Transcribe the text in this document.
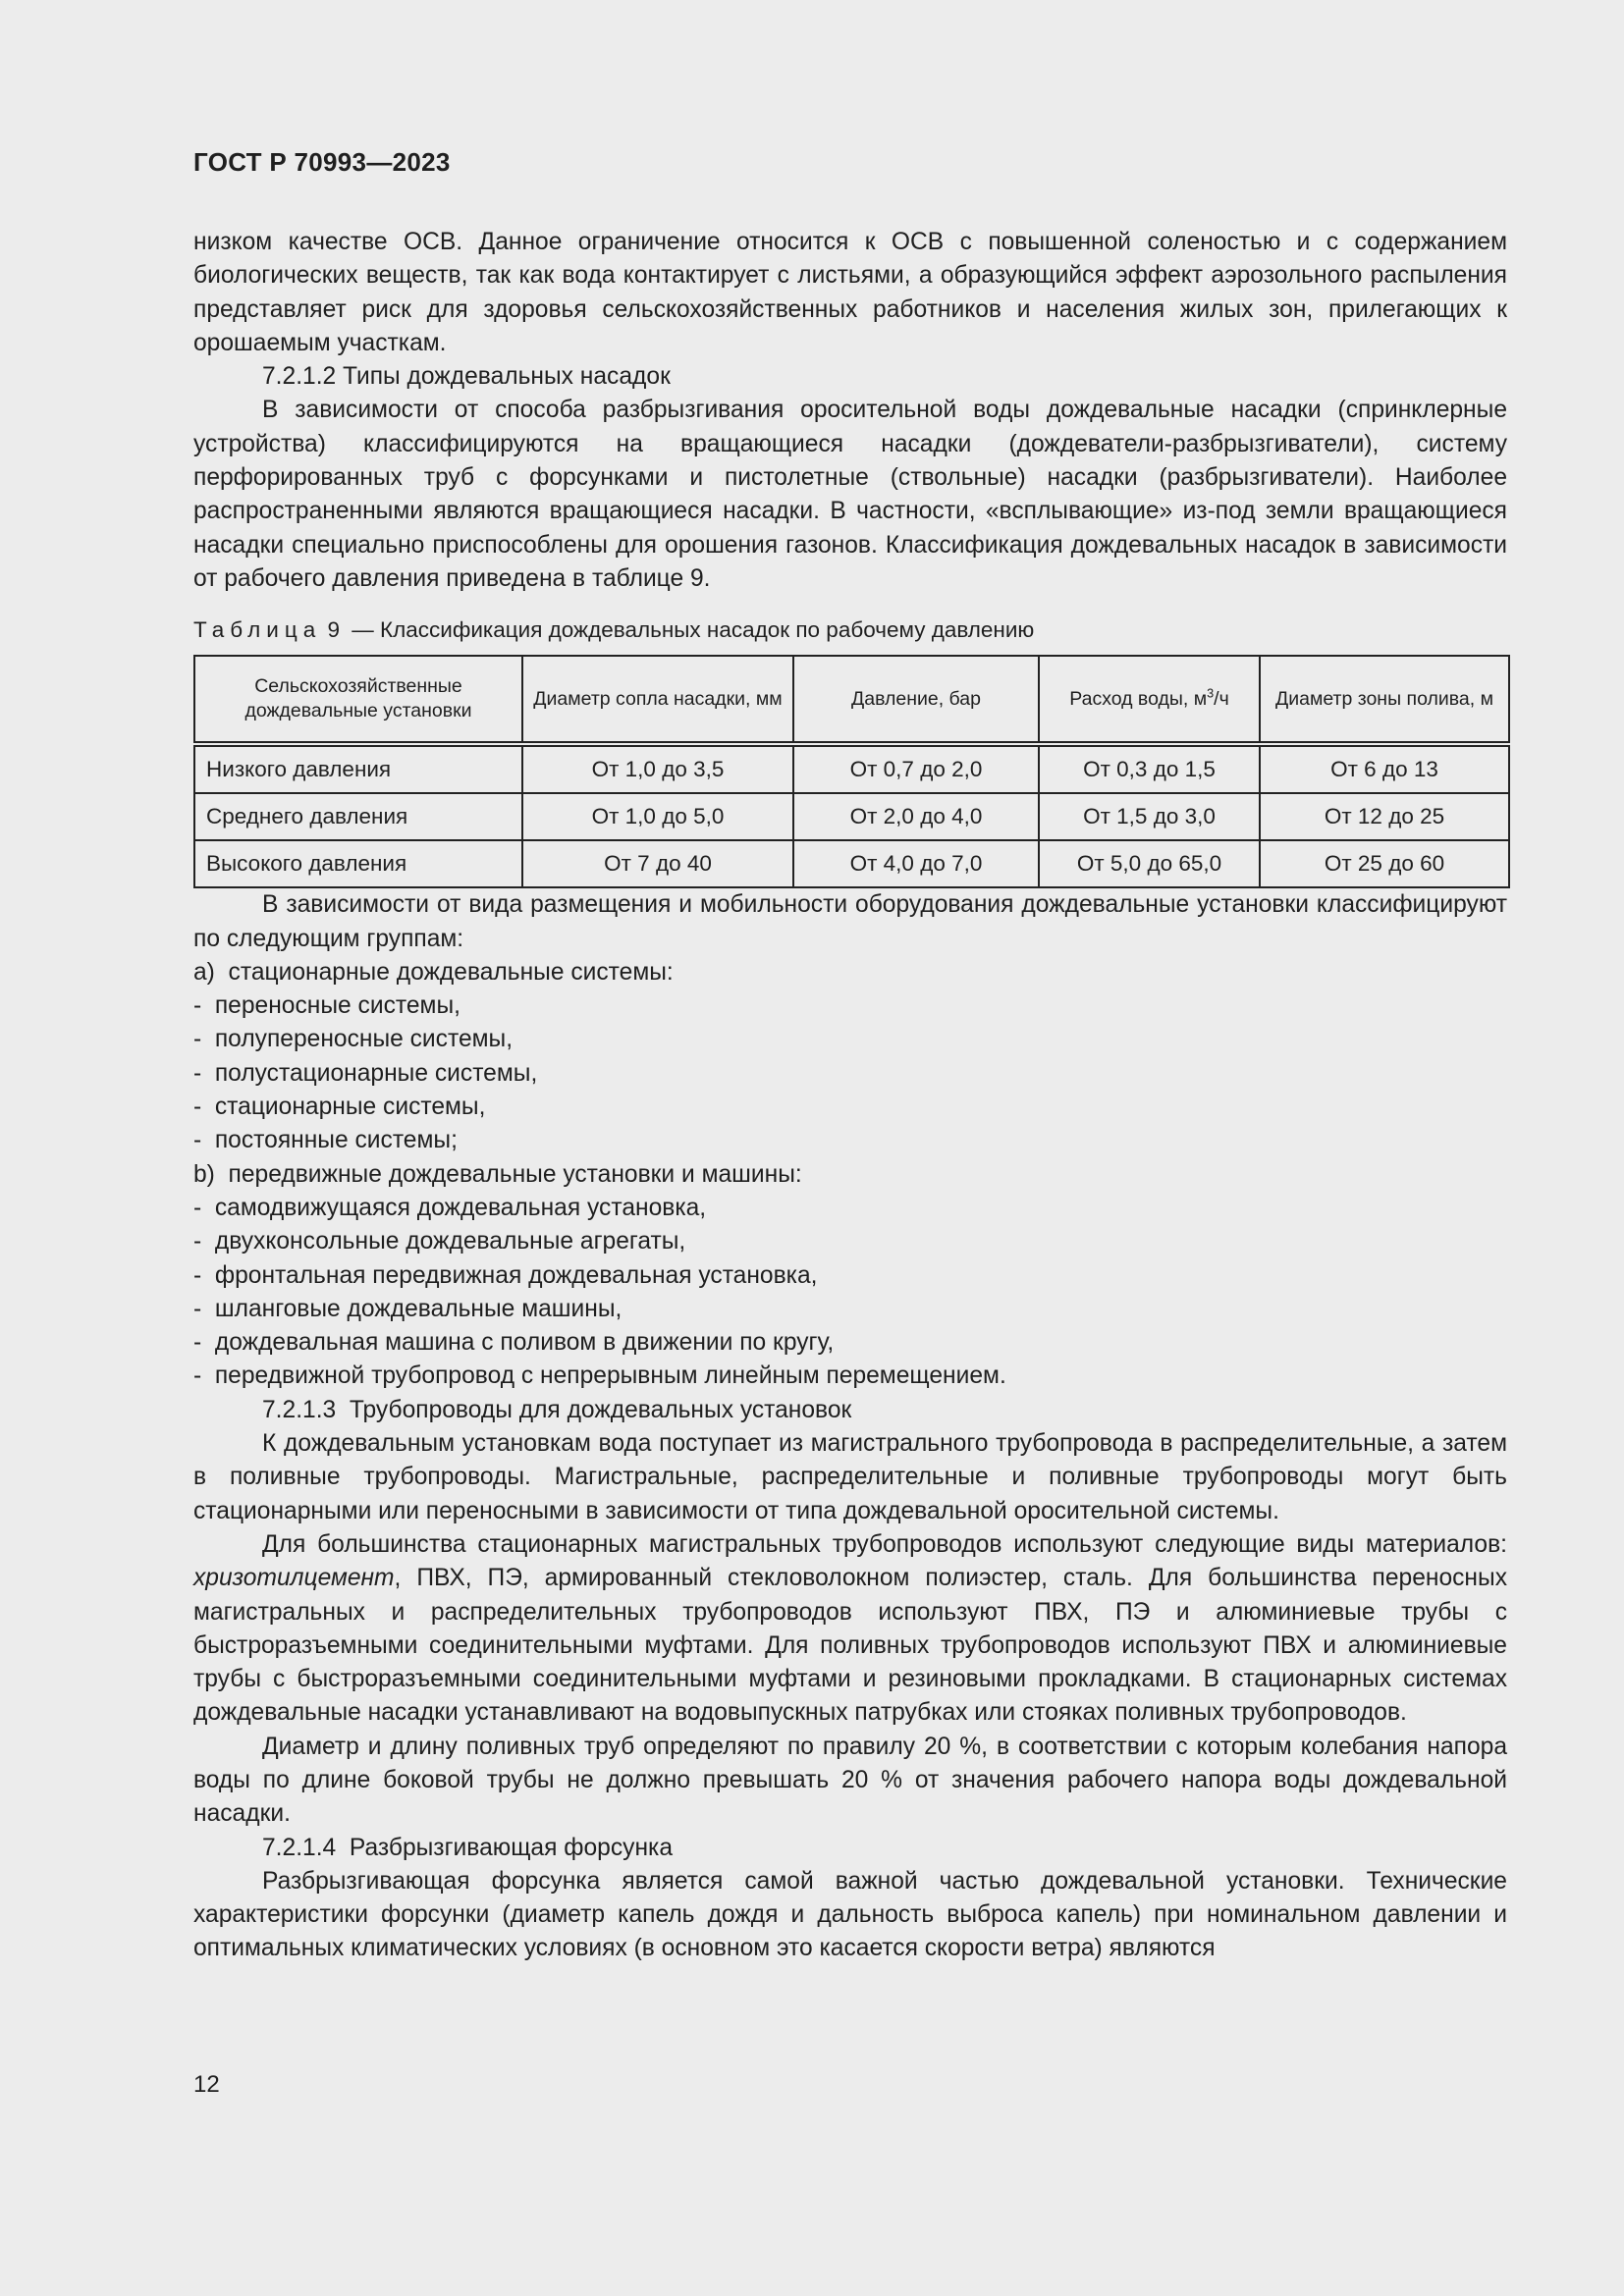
ГОСТ Р 70993—2023

низком качестве ОСВ. Данное ограничение относится к ОСВ с повышенной соленостью и с содержанием биологических веществ, так как вода контактирует с листьями, а образующийся эффект аэрозольного распыления представляет риск для здоровья сельскохозяйственных работников и населения жилых зон, прилегающих к орошаемым участкам.

7.2.1.2 Типы дождевальных насадок

В зависимости от способа разбрызгивания оросительной воды дождевальные насадки (спринклерные устройства) классифицируются на вращающиеся насадки (дождеватели-разбрызгиватели), систему перфорированных труб с форсунками и пистолетные (ствольные) насадки (разбрызгиватели). Наиболее распространенными являются вращающиеся насадки. В частности, «всплывающие» из-под земли вращающиеся насадки специально приспособлены для орошения газонов. Классификация дождевальных насадок в зависимости от рабочего давления приведена в таблице 9.

Таблица 9 — Классификация дождевальных насадок по рабочему давлению
Сельскохозяйственные дождевальные установки	Диаметр сопла насадки, мм	Давление, бар	Расход воды, $м^3/ч$	Диаметр зоны полива, м
Низкого давления	От 1,0 до 3,5	От 0,7 до 2,0	От 0,3 до 1,5	От 6 до 13
Среднего давления	От 1,0 до 5,0	От 2,0 до 4,0	От 1,5 до 3,0	От 12 до 25
Высокого давления	От 7 до 40	От 4,0 до 7,0	От 5,0 до 65,0	От 25 до 60

В зависимости от вида размещения и мобильности оборудования дождевальные установки классифицируют по следующим группам:

a) стационарные дождевальные системы:

-  переносные системы,

-  полупереносные системы,

-  полустационарные системы,

-  стационарные системы,

-  постоянные системы;

b) передвижные дождевальные установки и машины:

-  самодвижущаяся дождевальная установка,

-  двухконсольные дождевальные агрегаты,

-  фронтальная передвижная дождевальная установка,

-  шланговые дождевальные машины,

-  дождевальная машина с поливом в движении по кругу,

-  передвижной трубопровод с непрерывным линейным перемещением.

7.2.1.3  Трубопроводы для дождевальных установок

К дождевальным установкам вода поступает из магистрального трубопровода в распределительные, а затем в поливные трубопроводы. Магистральные, распределительные и поливные трубопроводы могут быть стационарными или переносными в зависимости от типа дождевальной оросительной системы.

Для большинства стационарных магистральных трубопроводов используют следующие виды материалов: хризотилцемент, ПВХ, ПЭ, армированный стекловолокном полиэстер, сталь. Для большинства переносных магистральных и распределительных трубопроводов используют ПВХ, ПЭ и алюминиевые трубы с быстроразъемными соединительными муфтами. Для поливных трубопроводов используют ПВХ и алюминиевые трубы с быстроразъемными соединительными муфтами и резиновыми прокладками. В стационарных системах дождевальные насадки устанавливают на водовыпускных патрубках или стояках поливных трубопроводов.

Диаметр и длину поливных труб определяют по правилу 20 %, в соответствии с которым колебания напора воды по длине боковой трубы не должно превышать 20 % от значения рабочего напора воды дождевальной насадки.

7.2.1.4  Разбрызгивающая форсунка

Разбрызгивающая форсунка является самой важной частью дождевальной установки. Технические характеристики форсунки (диаметр капель дождя и дальность выброса капель) при номинальном давлении и оптимальных климатических условиях (в основном это касается скорости ветра) являются

12
